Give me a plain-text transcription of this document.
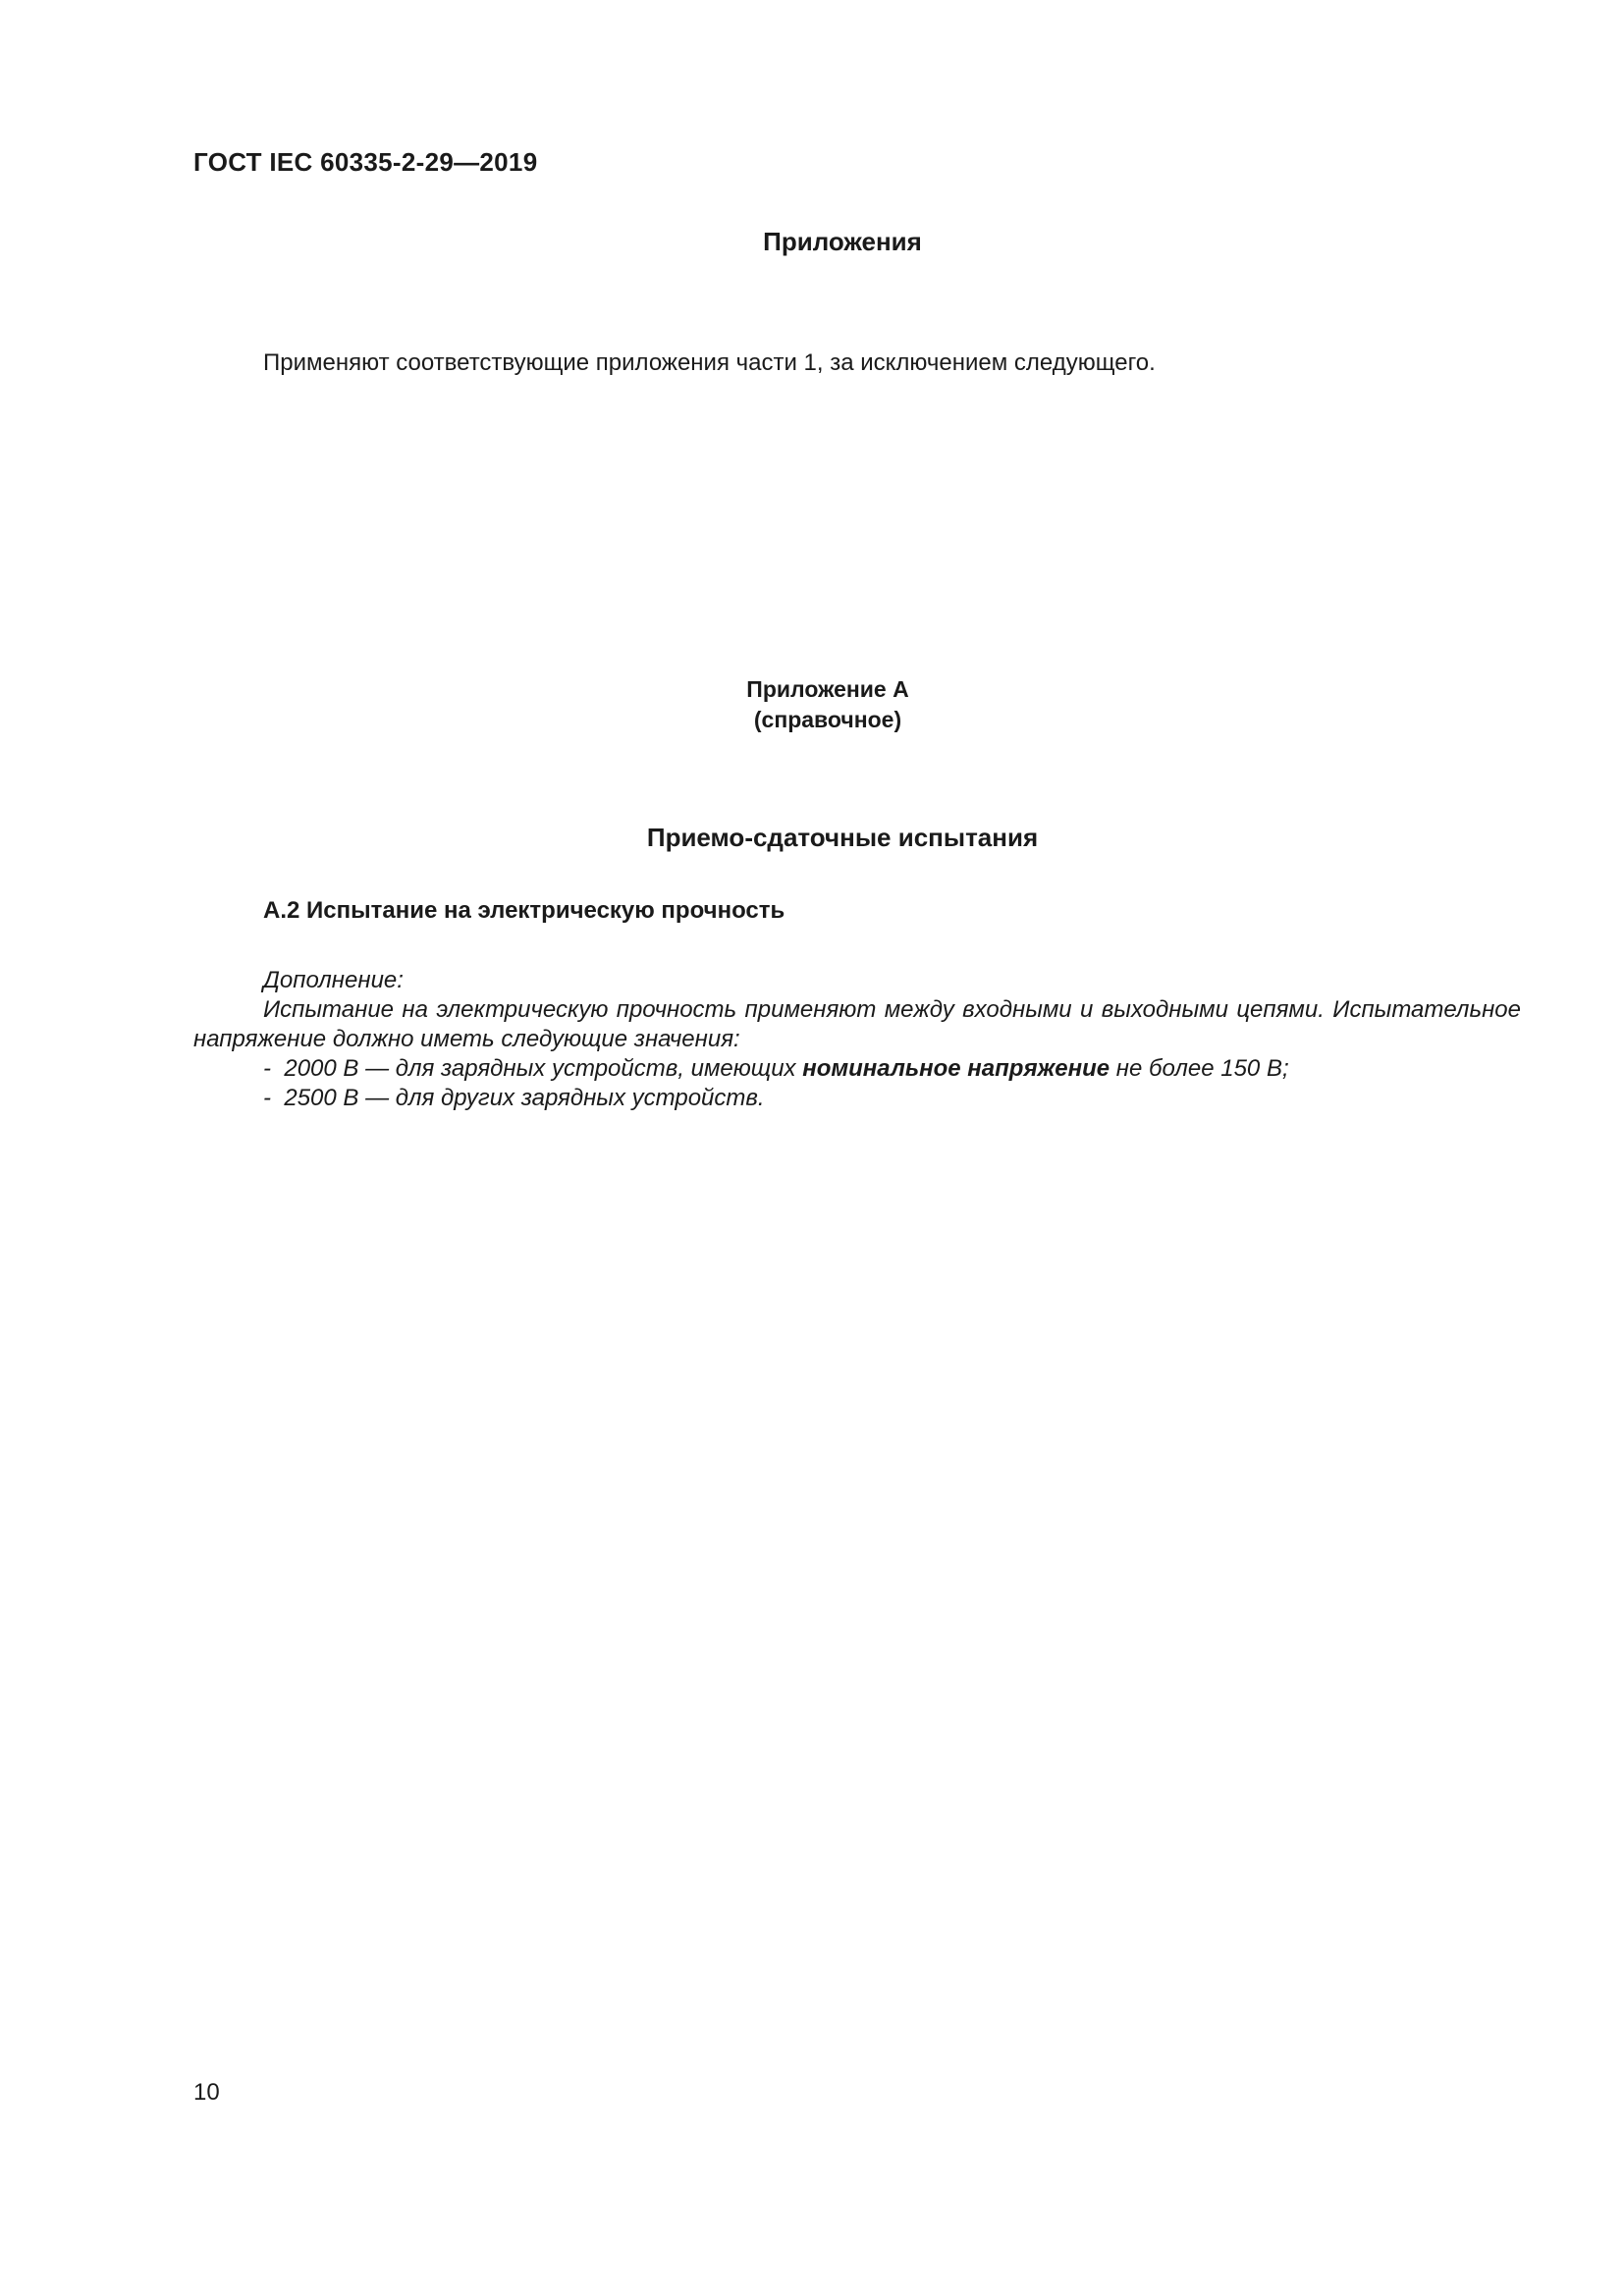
ГОСТ IEC 60335-2-29—2019
Приложения
Применяют соответствующие приложения части 1, за исключением следующего.
Приложение А
(справочное)
Приемо-сдаточные испытания
А.2 Испытание на электрическую прочность

Дополнение:

Испытание на электрическую прочность применяют между входными и выходными цепями. Испытательное напряжение должно иметь следующие значения:

- 2000 В — для зарядных устройств, имеющих номинальное напряжение не более 150 В;

- 2500 В — для других зарядных устройств.

10
